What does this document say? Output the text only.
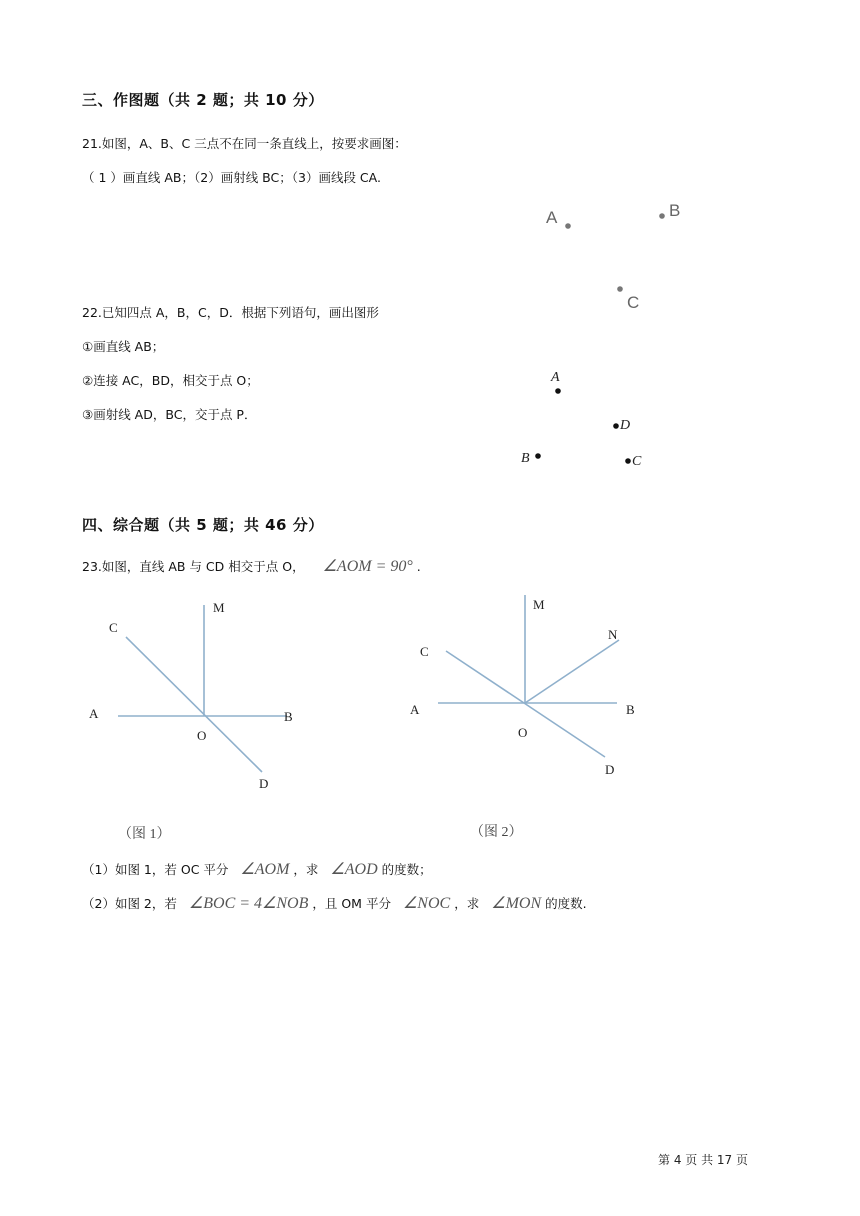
三、作图题（共 2 题；共 10 分）
21.如图，A、B、C 三点不在同一条直线上，按要求画图：
（ 1 ）画直线 AB；（2）画射线 BC；（3）画线段 CA.
A	B
C
22.已知四点 A，B，C，D．根据下列语句，画出图形
①画直线 AB；
②连接 AC，BD，相交于点 O；
③画射线 AD，BC，交于点 P．
A
D
B	C
四、综合题（共 5 题；共 46 分）
23.如图，直线 AB 与 CD 相交于点 O， ∠AOM = 90° .
M
C
A	B
O
D
（图 1）
M
N
C
A	B
O
D
（图 2）
（1）如图 1，若 OC 平分 ∠AOM ，求 ∠AOD 的度数；
（2）如图 2，若 ∠BOC = 4∠NOB ，且 OM 平分 ∠NOC ，求 ∠MON 的度数.
第 4 页 共 17 页
